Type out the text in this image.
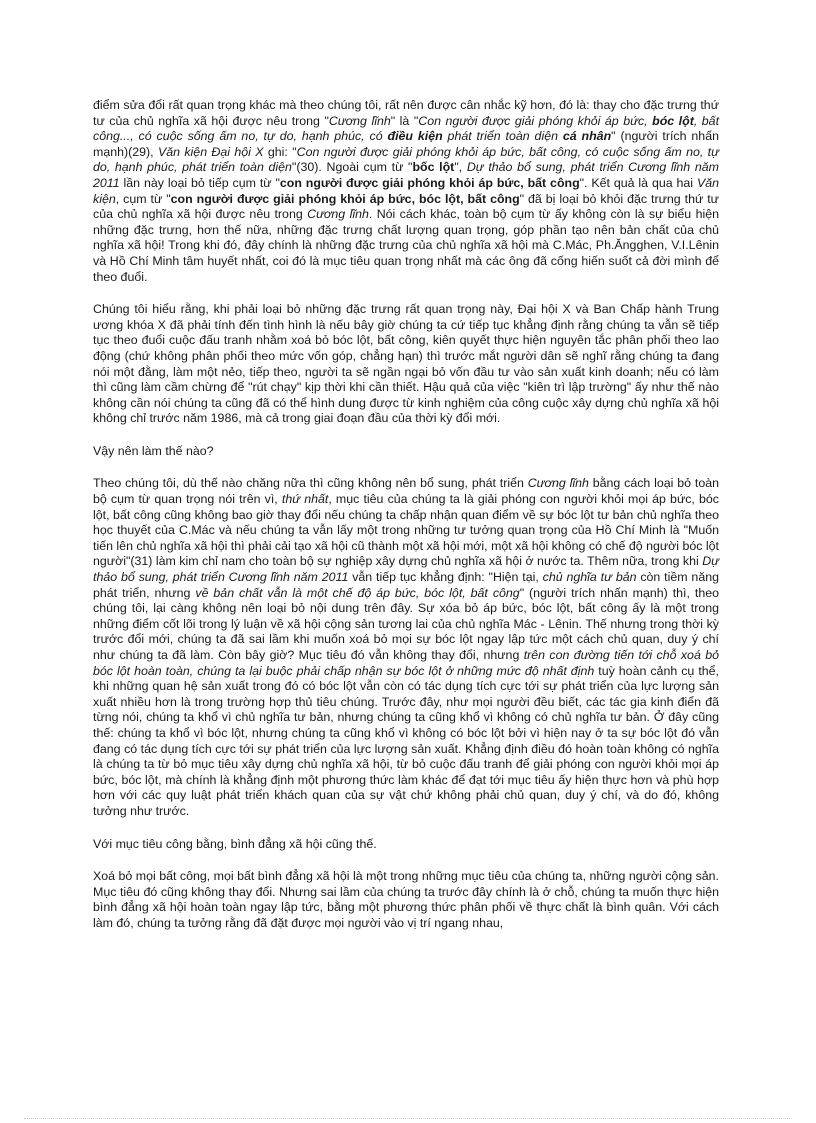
điểm sửa đổi rất quan trọng khác mà theo chúng tôi, rất nên được cân nhắc kỹ hơn, đó là: thay cho đặc trưng thứ tư của chủ nghĩa xã hội được nêu trong "Cương lĩnh" là "Con người được giải phóng khỏi áp bức, bóc lột, bất công..., có cuộc sống ấm no, tự do, hạnh phúc, có điều kiện phát triển toàn diện cá nhân" (người trích nhấn mạnh)(29), Văn kiện Đại hội X ghi: "Con người được giải phóng khỏi áp bức, bất công, có cuộc sống ấm no, tự do, hạnh phúc, phát triển toàn diện"(30). Ngoài cụm từ "bốc lột", Dự thảo bổ sung, phát triển Cương lĩnh năm 2011 lần này loại bỏ tiếp cụm từ "con người được giải phóng khỏi áp bức, bất công". Kết quả là qua hai Văn kiện, cụm từ "con người được giải phóng khỏi áp bức, bóc lột, bất công" đã bị loại bỏ khỏi đặc trưng thứ tư của chủ nghĩa xã hội được nêu trong Cương lĩnh. Nói cách khác, toàn bộ cụm từ ấy không còn là sự biểu hiện những đặc trưng, hơn thế nữa, những đặc trưng chất lượng quan trọng, góp phần tạo nên bản chất của chủ nghĩa xã hội! Trong khi đó, đây chính là những đặc trưng của chủ nghĩa xã hội mà C.Mác, Ph.Ăngghen, V.I.Lênin và Hồ Chí Minh tâm huyết nhất, coi đó là mục tiêu quan trọng nhất mà các ông đã cống hiến suốt cả đời mình để theo đuổi.

Chúng tôi hiểu rằng, khi phải loại bỏ những đặc trưng rất quan trọng này, Đại hội X và Ban Chấp hành Trung ương khóa X đã phải tính đến tình hình là nếu bây giờ chúng ta cứ tiếp tục khẳng định rằng chúng ta vẫn sẽ tiếp tục theo đuổi cuộc đấu tranh nhằm xoá bỏ bóc lột, bất công, kiên quyết thực hiện nguyên tắc phân phối theo lao động (chứ không phân phối theo mức vốn góp, chẳng hạn) thì trước mắt người dân sẽ nghĩ rằng chúng ta đang nói một đằng, làm một nẻo, tiếp theo, người ta sẽ ngần ngại bỏ vốn đầu tư vào sản xuất kinh doanh; nếu có làm thì cũng làm cầm chừng để "rút chạy" kịp thời khi cần thiết. Hậu quả của việc "kiên trì lập trường" ấy như thế nào không cần nói chúng ta cũng đã có thể hình dung được từ kinh nghiệm của công cuộc xây dựng chủ nghĩa xã hội không chỉ trước năm 1986, mà cả trong giai đoạn đầu của thời kỳ đổi mới.

Vậy nên làm thế nào?

Theo chúng tôi, dù thế nào chăng nữa thì cũng không nên bổ sung, phát triển Cương lĩnh bằng cách loại bỏ toàn bộ cụm từ quan trọng nói trên vì, thứ nhất, mục tiêu của chúng ta là giải phóng con người khỏi mọi áp bức, bóc lột, bất công cũng không bao giờ thay đổi nếu chúng ta chấp nhận quan điểm về sự bóc lột tư bản chủ nghĩa theo học thuyết của C.Mác và nếu chúng ta vẫn lấy một trong những tư tưởng quan trọng của Hồ Chí Minh là "Muốn tiến lên chủ nghĩa xã hội thì phải cải tạo xã hội cũ thành một xã hội mới, một xã hội không có chế độ người bóc lột người"(31) làm kim chỉ nam cho toàn bộ sự nghiệp xây dựng chủ nghĩa xã hội ở nước ta. Thêm nữa, trong khi Dự thảo bổ sung, phát triển Cương lĩnh năm 2011 vẫn tiếp tục khẳng định: "Hiện tại, chủ nghĩa tư bản còn tiềm năng phát triển, nhưng về bản chất vẫn là một chế độ áp bức, bóc lột, bất công" (người trích nhấn mạnh) thì, theo chúng tôi, lại càng không nên loại bỏ nội dung trên đây. Sự xóa bỏ áp bức, bóc lột, bất công ấy là một trong những điểm cốt lõi trong lý luận về xã hội cộng sản tương lai của chủ nghĩa Mác - Lênin. Thế nhưng trong thời kỳ trước đổi mới, chúng ta đã sai lầm khi muốn xoá bỏ mọi sự bóc lột ngay lập tức một cách chủ quan, duy ý chí như chúng ta đã làm. Còn bây giờ? Mục tiêu đó vẫn không thay đổi, nhưng trên con đường tiến tới chỗ xoá bỏ bóc lột hoàn toàn, chúng ta lại buộc phải chấp nhận sự bóc lột ở những mức độ nhất định tuỳ hoàn cảnh cụ thể, khi những quan hệ sản xuất trong đó có bóc lột vẫn còn có tác dụng tích cực tới sự phát triển của lực lượng sản xuất nhiều hơn là trong trường hợp thủ tiêu chúng. Trước đây, như mọi người đều biết, các tác gia kinh điển đã từng nói, chúng ta khổ vì chủ nghĩa tư bản, nhưng chúng ta cũng khổ vì không có chủ nghĩa tư bản. Ở đây cũng thế: chúng ta khổ vì bóc lột, nhưng chúng ta cũng khổ vì không có bóc lột bởi vì hiện nay ở ta sự bóc lột đó vẫn đang có tác dụng tích cực tới sự phát triển của lực lượng sản xuất. Khẳng định điều đó hoàn toàn không có nghĩa là chúng ta từ bỏ mục tiêu xây dựng chủ nghĩa xã hội, từ bỏ cuộc đấu tranh để giải phóng con người khỏi mọi áp bức, bóc lột, mà chính là khẳng định một phương thức làm khác để đạt tới mục tiêu ấy hiện thực hơn và phù hợp hơn với các quy luật phát triển khách quan của sự vật chứ không phải chủ quan, duy ý chí, và do đó, không tưởng như trước.

Với mục tiêu công bằng, bình đẳng xã hội cũng thế.

Xoá bỏ mọi bất công, mọi bất bình đẳng xã hội là một trong những mục tiêu của chúng ta, những người cộng sản. Mục tiêu đó cũng không thay đổi. Nhưng sai lầm của chúng ta trước đây chính là ở chỗ, chúng ta muốn thực hiện bình đẳng xã hội hoàn toàn ngay lập tức, bằng một phương thức phân phối về thực chất là bình quân. Với cách làm đó, chúng ta tưởng rằng đã đặt được mọi người vào vị trí ngang nhau,
